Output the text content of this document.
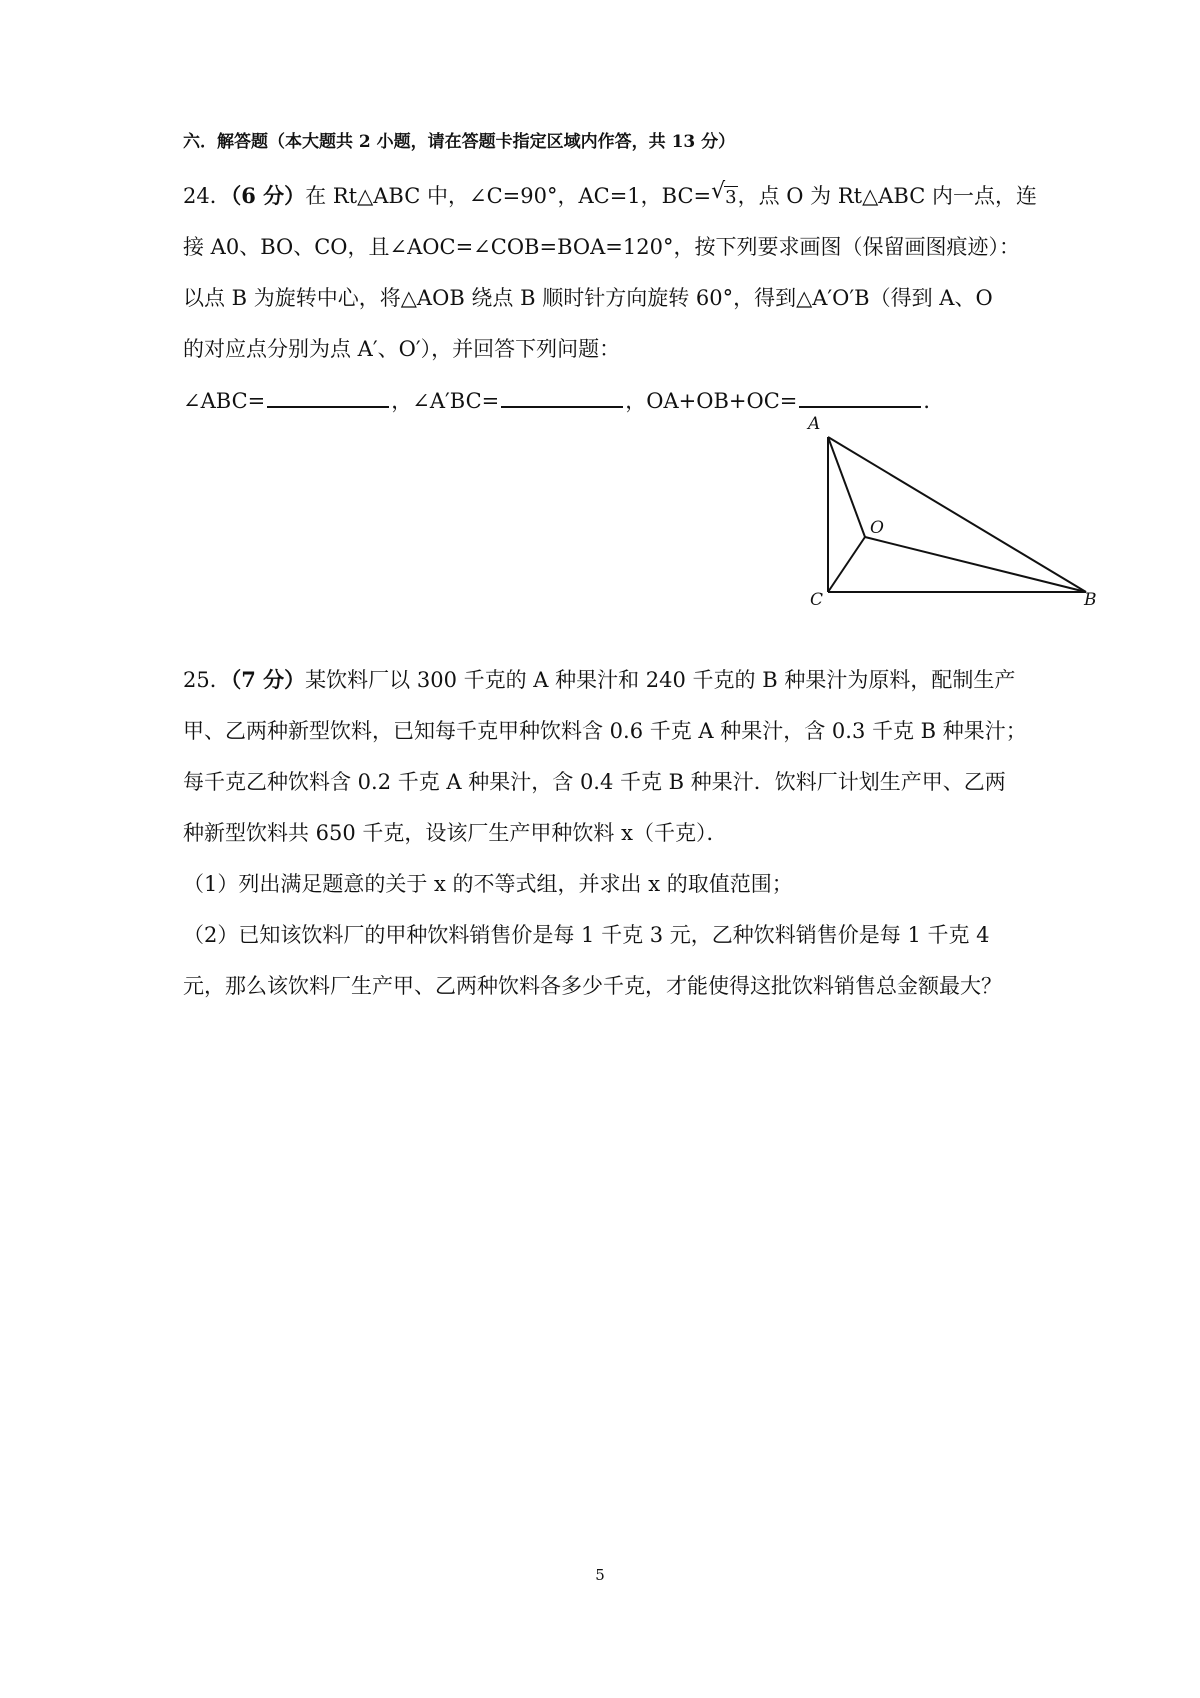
六．解答题（本大题共 2 小题，请在答题卡指定区域内作答，共 13 分）
24．（6 分）在 Rt△ABC 中，∠C=90°，AC=1，BC= √ 3，点 O 为 Rt△ABC 内一点，连
接 A0、BO、CO，且∠AOC=∠COB=BOA=120°，按下列要求画图（保留画图痕迹）：
以点 B 为旋转中心，将△AOB 绕点 B 顺时针方向旋转 60°，得到△A′O′B（得到 A、O
的对应点分别为点 A′、O′），并回答下列问题：
∠ABC=	，∠A′BC=	，OA+OB+OC=	．
A
B
C
O
25．（7 分）某饮料厂以 300 千克的 A 种果汁和 240 千克的 B 种果汁为原料，配制生产
甲、乙两种新型饮料，已知每千克甲种饮料含 0.6 千克 A 种果汁，含 0.3 千克 B 种果汁；
每千克乙种饮料含 0.2 千克 A 种果汁，含 0.4 千克 B 种果汁．饮料厂计划生产甲、乙两
种新型饮料共 650 千克，设该厂生产甲种饮料 x（千克）．
（1）列出满足题意的关于 x 的不等式组，并求出 x 的取值范围；
（2）已知该饮料厂的甲种饮料销售价是每 1 千克 3 元，乙种饮料销售价是每 1 千克 4
元，那么该饮料厂生产甲、乙两种饮料各多少千克，才能使得这批饮料销售总金额最大？
5
